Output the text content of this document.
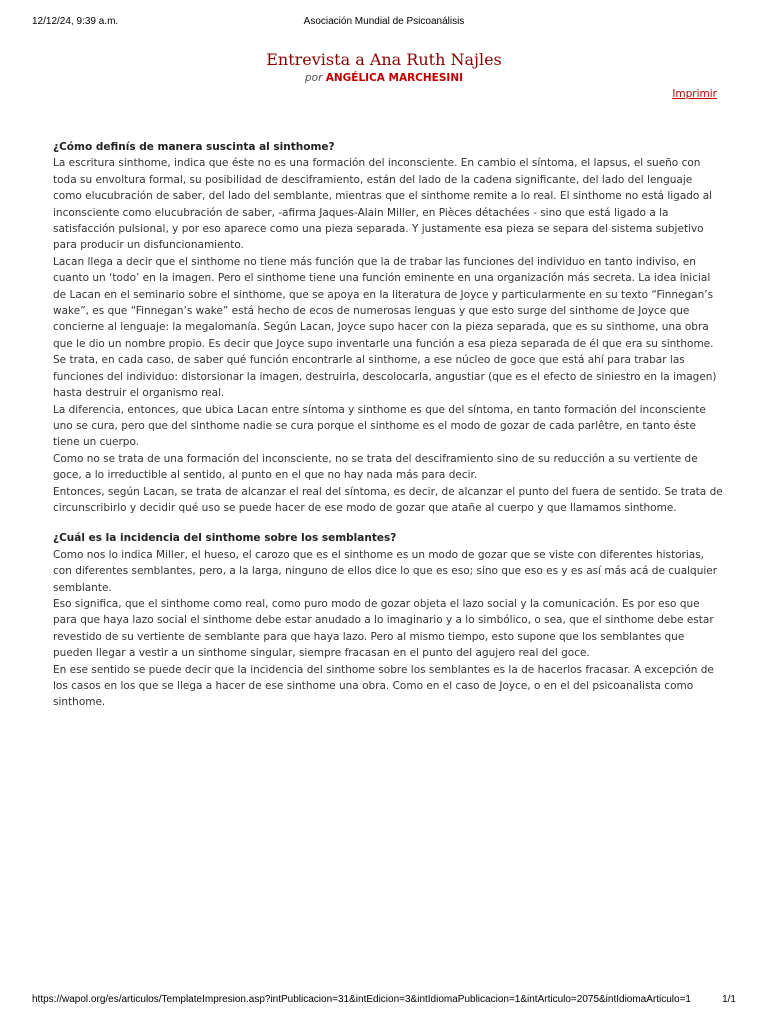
12/12/24, 9:39 a.m.	Asociación Mundial de Psicoanálisis
Entrevista a Ana Ruth Najles
por ANGÉLICA MARCHESINI
Imprimir

¿Cómo definís de manera suscinta al sinthome?

La escritura sinthome, indica que éste no es una formación del inconsciente. En cambio el síntoma, el lapsus, el sueño con toda su envoltura formal, su posibilidad de desciframiento, están del lado de la cadena significante, del lado del lenguaje como elucubración de saber, del lado del semblante, mientras que el sinthome remite a lo real. El sinthome no está ligado al inconsciente como elucubración de saber, -afirma Jaques-Alain Miller, en Pièces détachées - sino que está ligado a la satisfacción pulsional, y por eso aparece como una pieza separada. Y justamente esa pieza se separa del sistema subjetivo para producir un disfuncionamiento.

Lacan llega a decir que el sinthome no tiene más función que la de trabar las funciones del individuo en tanto indiviso, en cuanto un ‘todo’ en la imagen. Pero el sinthome tiene una función eminente en una organización más secreta. La idea inicial de Lacan en el seminario sobre el sinthome, que se apoya en la literatura de Joyce y particularmente en su texto “Finnegan’s wake”, es que “Finnegan’s wake” está hecho de ecos de numerosas lenguas y que esto surge del sinthome de Joyce que concierne al lenguaje: la megalomanía. Según Lacan, Joyce supo hacer con la pieza separada, que es su sinthome, una obra que le dio un nombre propio. Es decir que Joyce supo inventarle una función a esa pieza separada de él que era su sinthome.

Se trata, en cada caso, de saber qué función encontrarle al sinthome, a ese núcleo de goce que está ahí para trabar las funciones del individuo: distorsionar la imagen, destruirla, descolocarla, angustiar (que es el efecto de siniestro en la imagen) hasta destruir el organismo real.

La diferencia, entonces, que ubica Lacan entre síntoma y sinthome es que del síntoma, en tanto formación del inconsciente uno se cura, pero que del sinthome nadie se cura porque el sinthome es el modo de gozar de cada parlêtre, en tanto éste tiene un cuerpo.

Como no se trata de una formación del inconsciente, no se trata del desciframiento sino de su reducción a su vertiente de goce, a lo irreductible al sentido, al punto en el que no hay nada más para decir.

Entonces, según Lacan, se trata de alcanzar el real del síntoma, es decir, de alcanzar el punto del fuera de sentido. Se trata de circunscribirlo y decidir qué uso se puede hacer de ese modo de gozar que atañe al cuerpo y que llamamos sinthome.

¿Cuál es la incidencia del sinthome sobre los semblantes?

Como nos lo indica Miller, el hueso, el carozo que es el sinthome es un modo de gozar que se viste con diferentes historias, con diferentes semblantes, pero, a la larga, ninguno de ellos dice lo que es eso; sino que eso es y es así más acá de cualquier semblante.

Eso significa, que el sinthome como real, como puro modo de gozar objeta el lazo social y la comunicación. Es por eso que para que haya lazo social el sinthome debe estar anudado a lo imaginario y a lo simbólico, o sea, que el sinthome debe estar revestido de su vertiente de semblante para que haya lazo. Pero al mismo tiempo, esto supone que los semblantes que pueden llegar a vestir a un sinthome singular, siempre fracasan en el punto del agujero real del goce.

En ese sentido se puede decir que la incidencia del sinthome sobre los semblantes es la de hacerlos fracasar. A excepción de los casos en los que se llega a hacer de ese sinthome una obra. Como en el caso de Joyce, o en el del psicoanalista como sinthome.

https://wapol.org/es/articulos/TemplateImpresion.asp?intPublicacion=31&intEdicion=3&intIdiomaPublicacion=1&intArticulo=2075&intIdiomaArticulo=1	1/1
